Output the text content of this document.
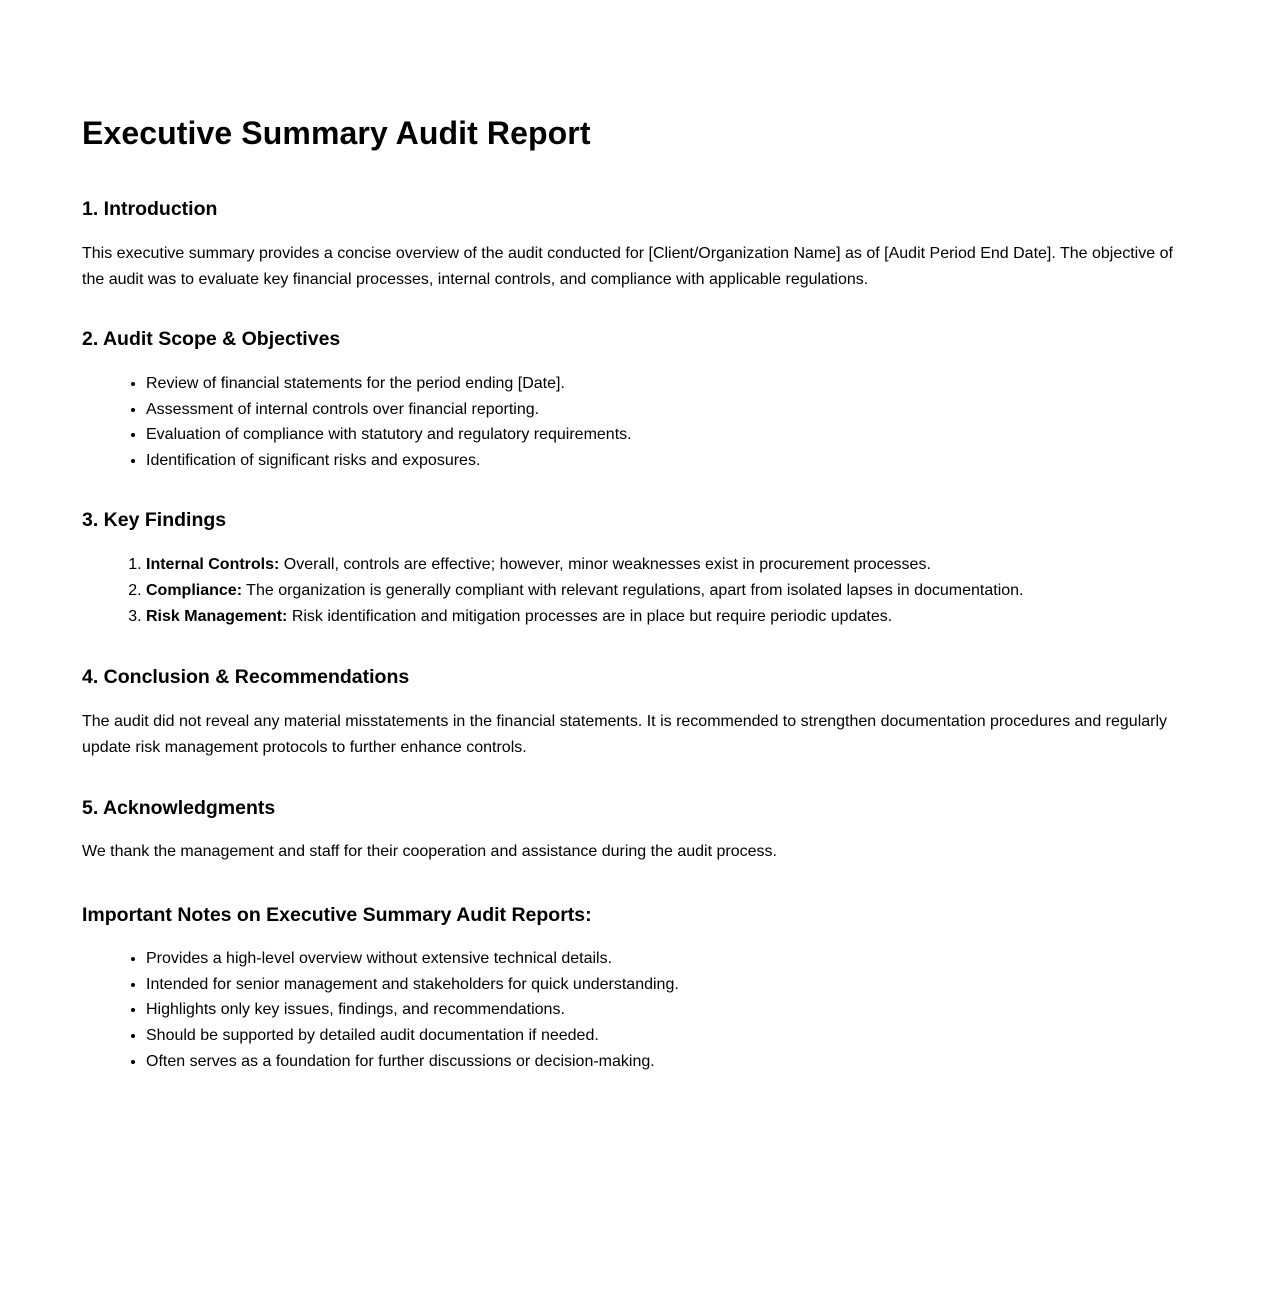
Executive Summary Audit Report
1. Introduction

This executive summary provides a concise overview of the audit conducted for [Client/Organization Name] as of [Audit Period End Date]. The objective of the audit was to evaluate key financial processes, internal controls, and compliance with applicable regulations.

2. Audit Scope & Objectives
• Review of financial statements for the period ending [Date].
• Assessment of internal controls over financial reporting.
• Evaluation of compliance with statutory and regulatory requirements.
• Identification of significant risks and exposures.
3. Key Findings
1. Internal Controls: Overall, controls are effective; however, minor weaknesses exist in procurement processes.
2. Compliance: The organization is generally compliant with relevant regulations, apart from isolated lapses in documentation.
3. Risk Management: Risk identification and mitigation processes are in place but require periodic updates.
4. Conclusion & Recommendations

The audit did not reveal any material misstatements in the financial statements. It is recommended to strengthen documentation procedures and regularly update risk management protocols to further enhance controls.

5. Acknowledgments

We thank the management and staff for their cooperation and assistance during the audit process.

Important Notes on Executive Summary Audit Reports:
• Provides a high-level overview without extensive technical details.
• Intended for senior management and stakeholders for quick understanding.
• Highlights only key issues, findings, and recommendations.
• Should be supported by detailed audit documentation if needed.
• Often serves as a foundation for further discussions or decision-making.
